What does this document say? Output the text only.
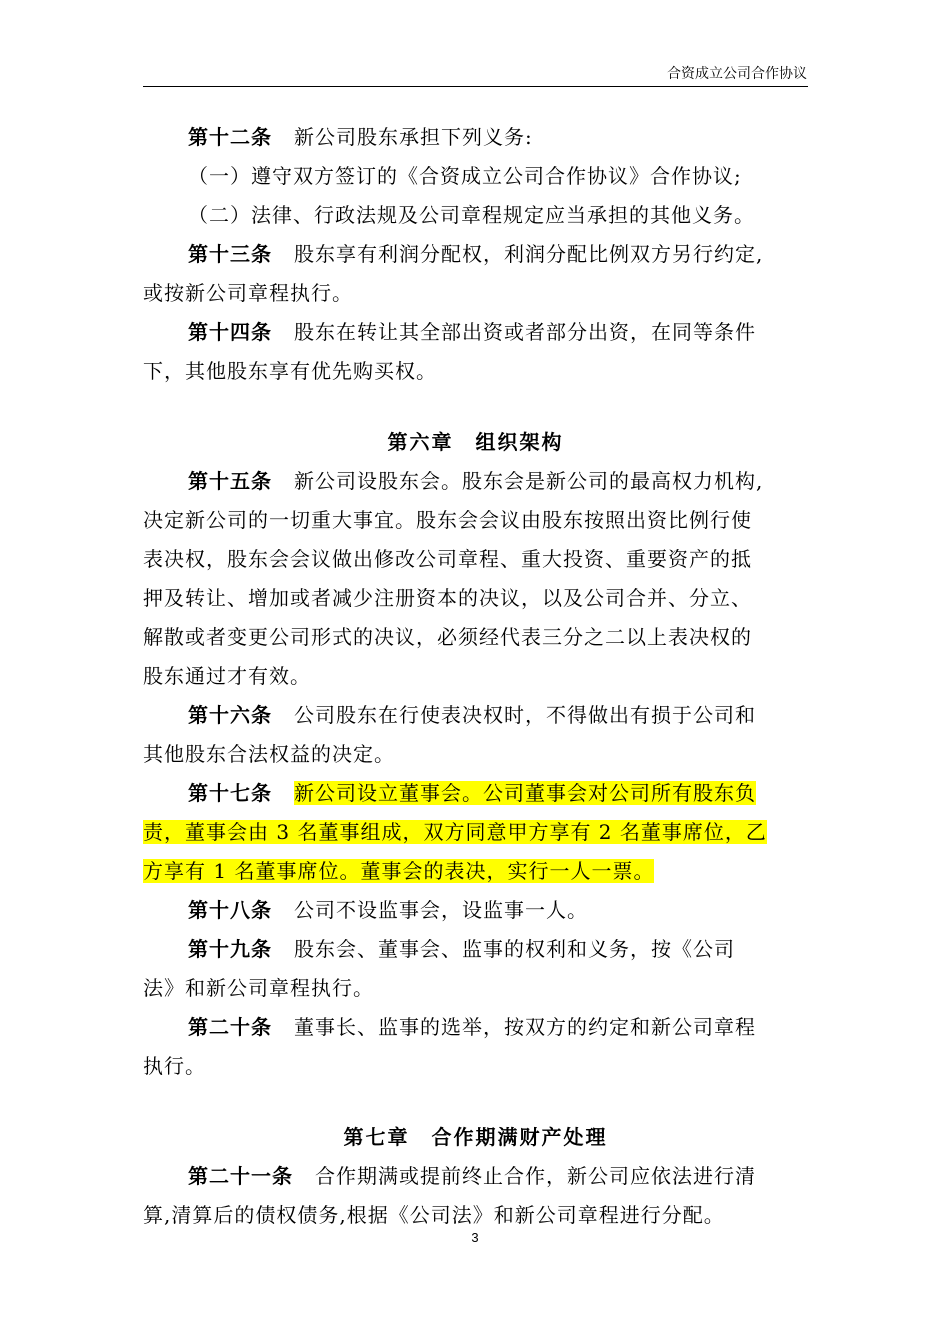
合资成立公司合作协议
第十二条 新公司股东承担下列义务:
（一）遵守双方签订的《合资成立公司合作协议》合作协议;
（二）法律、行政法规及公司章程规定应当承担的其他义务。
第十三条 股东享有利润分配权，利润分配比例双方另行约定,
或按新公司章程执行。
第十四条 股东在转让其全部出资或者部分出资，在同等条件
下，其他股东享有优先购买权。
第六章　组织架构
第十五条 新公司设股东会。股东会是新公司的最高权力机构,
决定新公司的一切重大事宜。股东会会议由股东按照出资比例行使
表决权，股东会会议做出修改公司章程、重大投资、重要资产的抵
押及转让、增加或者减少注册资本的决议，以及公司合并、分立、
解散或者变更公司形式的决议，必须经代表三分之二以上表决权的
股东通过才有效。
第十六条 公司股东在行使表决权时，不得做出有损于公司和
其他股东合法权益的决定。
第十七条 新公司设立董事会。公司董事会对公司所有股东负
责，董事会由 3 名董事组成，双方同意甲方享有 2 名董事席位，乙
方享有 1 名董事席位。董事会的表决，实行一人一票。
第十八条 公司不设监事会，设监事一人。
第十九条 股东会、董事会、监事的权利和义务，按《公司
法》和新公司章程执行。
第二十条 董事长、监事的选举，按双方的约定和新公司章程
执行。
第七章　合作期满财产处理
第二十一条 合作期满或提前终止合作，新公司应依法进行清
算,清算后的债权债务,根据《公司法》和新公司章程进行分配。
3
